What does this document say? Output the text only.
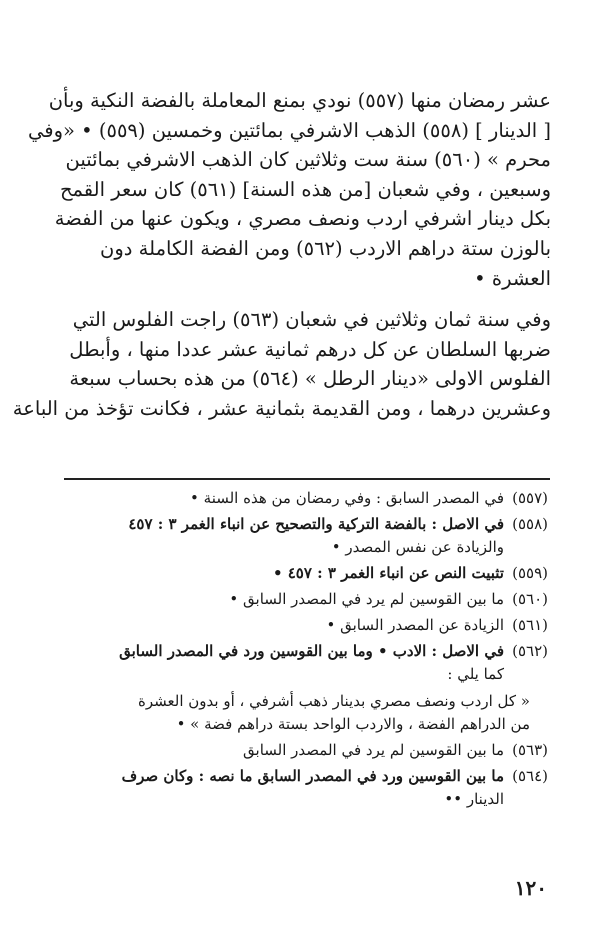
عشر رمضان منها (٥٥٧) نودي بمنع المعاملة بالفضة النكية وبأن
[ الدينار ] (٥٥٨) الذهب الاشرفي بمائتين وخمسين (٥٥٩) • «وفي
محرم » (٥٦٠) سنة ست وثلاثين كان الذهب الاشرفي بمائتين
وسبعين ، وفي شعبان [من هذه السنة] (٥٦١) كان سعر القمح
بكل دينار اشرفي اردب ونصف مصري ، ويكون عنها من الفضة
بالوزن ستة دراهم الاردب (٥٦٢) ومن الفضة الكاملة دون
العشرة •

وفي سنة ثمان وثلاثين في شعبان (٥٦٣) راجت الفلوس التي
ضربها السلطان عن كل درهم ثمانية عشر عددا منها ، وأبطل
الفلوس الاولى «دينار الرطل » (٥٦٤) من هذه بحساب سبعة
وعشرين درهما ، ومن القديمة بثمانية عشر ، فكانت تؤخذ من الباعة

(٥٥٧)
في المصدر السابق : وفي رمضان من هذه السنة •
(٥٥٨)
في الاصل : بالفضة التركية والتصحيح عن انباء الغمر ٣ : ٤٥٧
والزيادة عن نفس المصدر •
(٥٥٩)
تثبيت النص عن انباء الغمر ٣ : ٤٥٧ •
(٥٦٠)
ما بين القوسين لم يرد في المصدر السابق •
(٥٦١)
الزيادة عن المصدر السابق •
(٥٦٢)
في الاصل : الادب • وما بين القوسين ورد في المصدر السابق
كما يلي :
« كل اردب ونصف مصري بدينار ذهب أشرفي ، أو بدون العشرة
من الدراهم الفضة ، والاردب الواحد بستة دراهم فضة » •
(٥٦٣)
ما بين القوسين لم يرد في المصدر السابق
(٥٦٤)
ما بين القوسين ورد في المصدر السابق ما نصه : وكان صرف
الدينار ••
١٢٠
